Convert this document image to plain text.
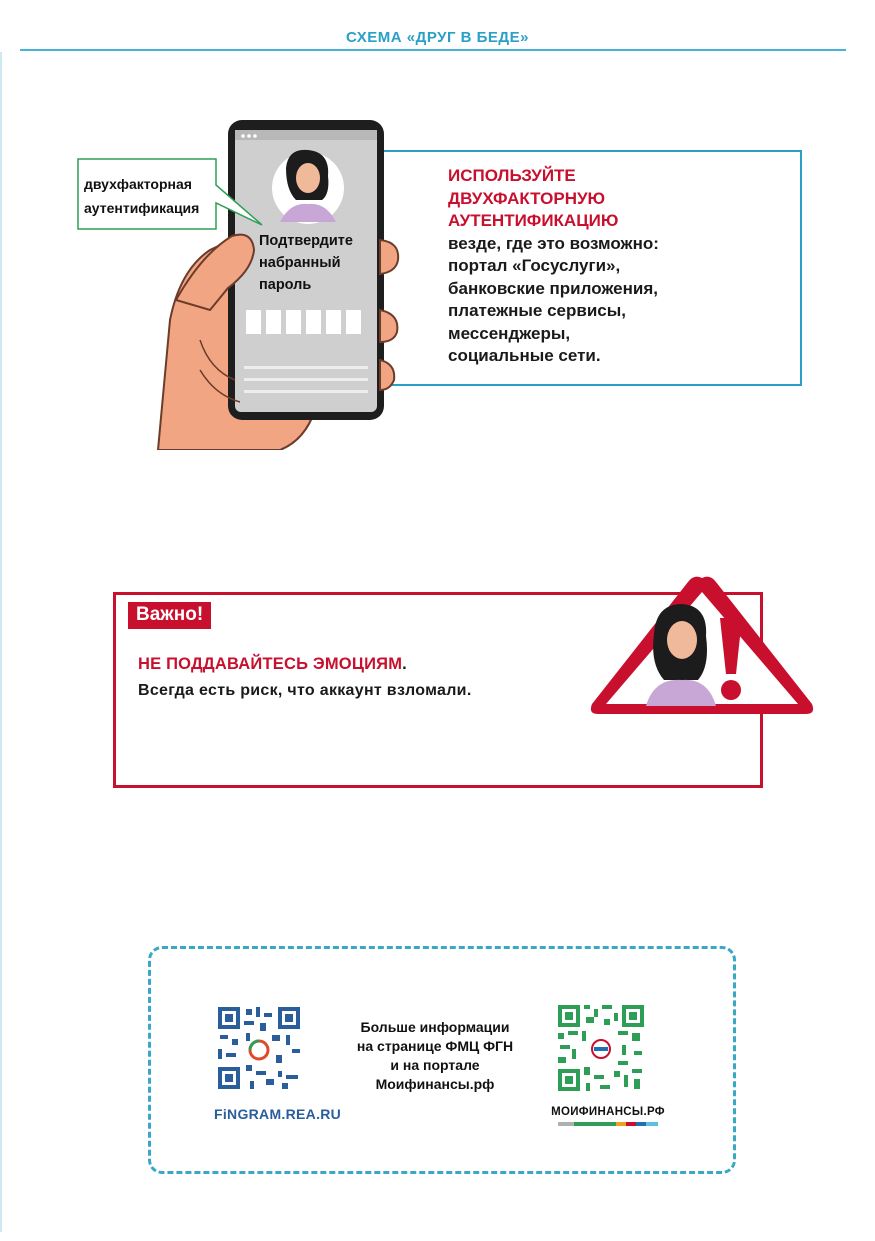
СХЕМА «ДРУГ В БЕДЕ»
двухфакторная
аутентификация
Подтвердите
набранный
пароль
ИСПОЛЬЗУЙТЕ
ДВУХФАКТОРНУЮ
АУТЕНТИФИКАЦИЮ
везде, где это возможно:
портал «Госуслуги»,
банковские приложения,
платежные сервисы,
мессенджеры,
социальные сети.
Важно!
НЕ ПОДДАВАЙТЕСЬ ЭМОЦИЯМ.
Всегда есть риск, что аккаунт взломали.
FiNGRAM.REA.RU
Больше информации
на странице ФМЦ ФГН
и на портале
Моифинансы.рф
МОИФИНАНСЫ.РФ
